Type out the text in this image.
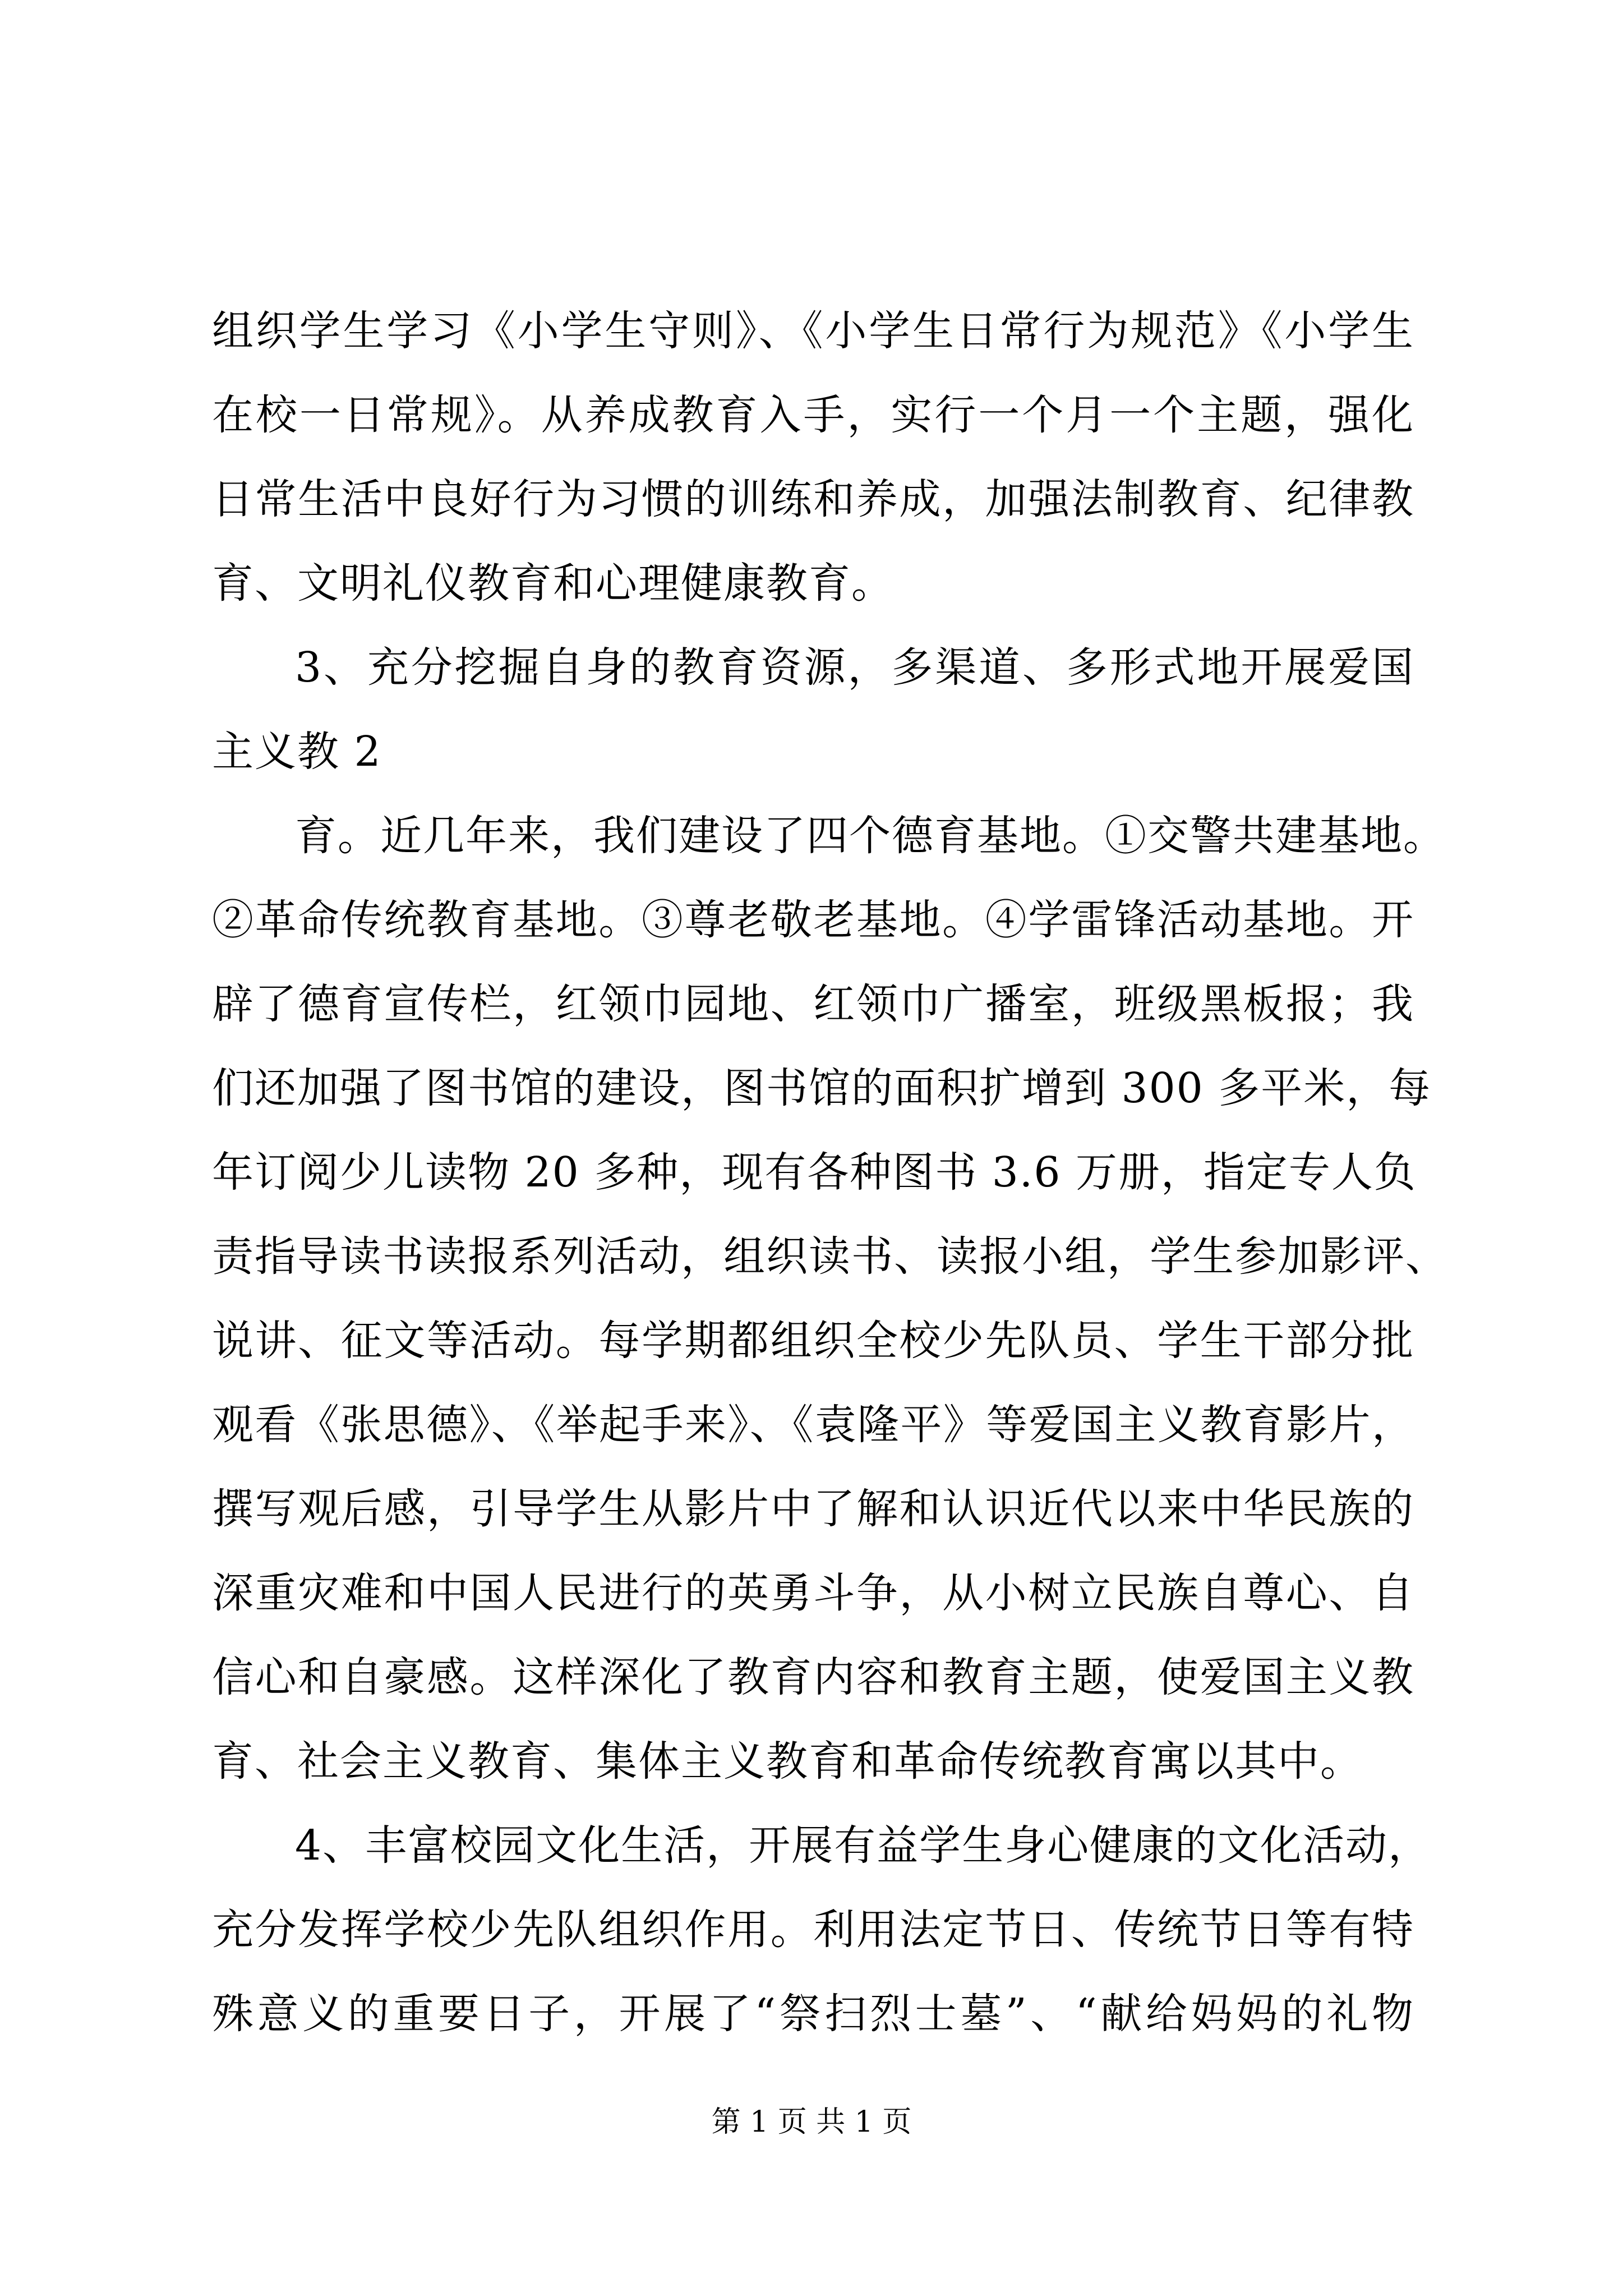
组织学生学习《小学生守则》、《小学生日常行为规范》《小学生
在校一日常规》。从养成教育入手，实行一个月一个主题，强化
日常生活中良好行为习惯的训练和养成，加强法制教育、纪律教
育、文明礼仪教育和心理健康教育。
3、充分挖掘自身的教育资源，多渠道、多形式地开展爱国
主义教 2
育。近几年来，我们建设了四个德育基地。①交警共建基地。
②革命传统教育基地。③尊老敬老基地。④学雷锋活动基地。开
辟了德育宣传栏，红领巾园地、红领巾广播室，班级黑板报；我
们还加强了图书馆的建设，图书馆的面积扩增到 300 多平米，每
年订阅少儿读物 20 多种，现有各种图书 3.6 万册，指定专人负
责指导读书读报系列活动，组织读书、读报小组，学生参加影评、
说讲、征文等活动。每学期都组织全校少先队员、学生干部分批
观看《张思德》、《举起手来》、《袁隆平》等爱国主义教育影片，
撰写观后感，引导学生从影片中了解和认识近代以来中华民族的
深重灾难和中国人民进行的英勇斗争，从小树立民族自尊心、自
信心和自豪感。这样深化了教育内容和教育主题，使爱国主义教
育、社会主义教育、集体主义教育和革命传统教育寓以其中。
4、丰富校园文化生活，开展有益学生身心健康的文化活动，
充分发挥学校少先队组织作用。利用法定节日、传统节日等有特
殊意义的重要日子，开展了“祭扫烈士墓”、“献给妈妈的礼物
第 1 页 共 1 页
